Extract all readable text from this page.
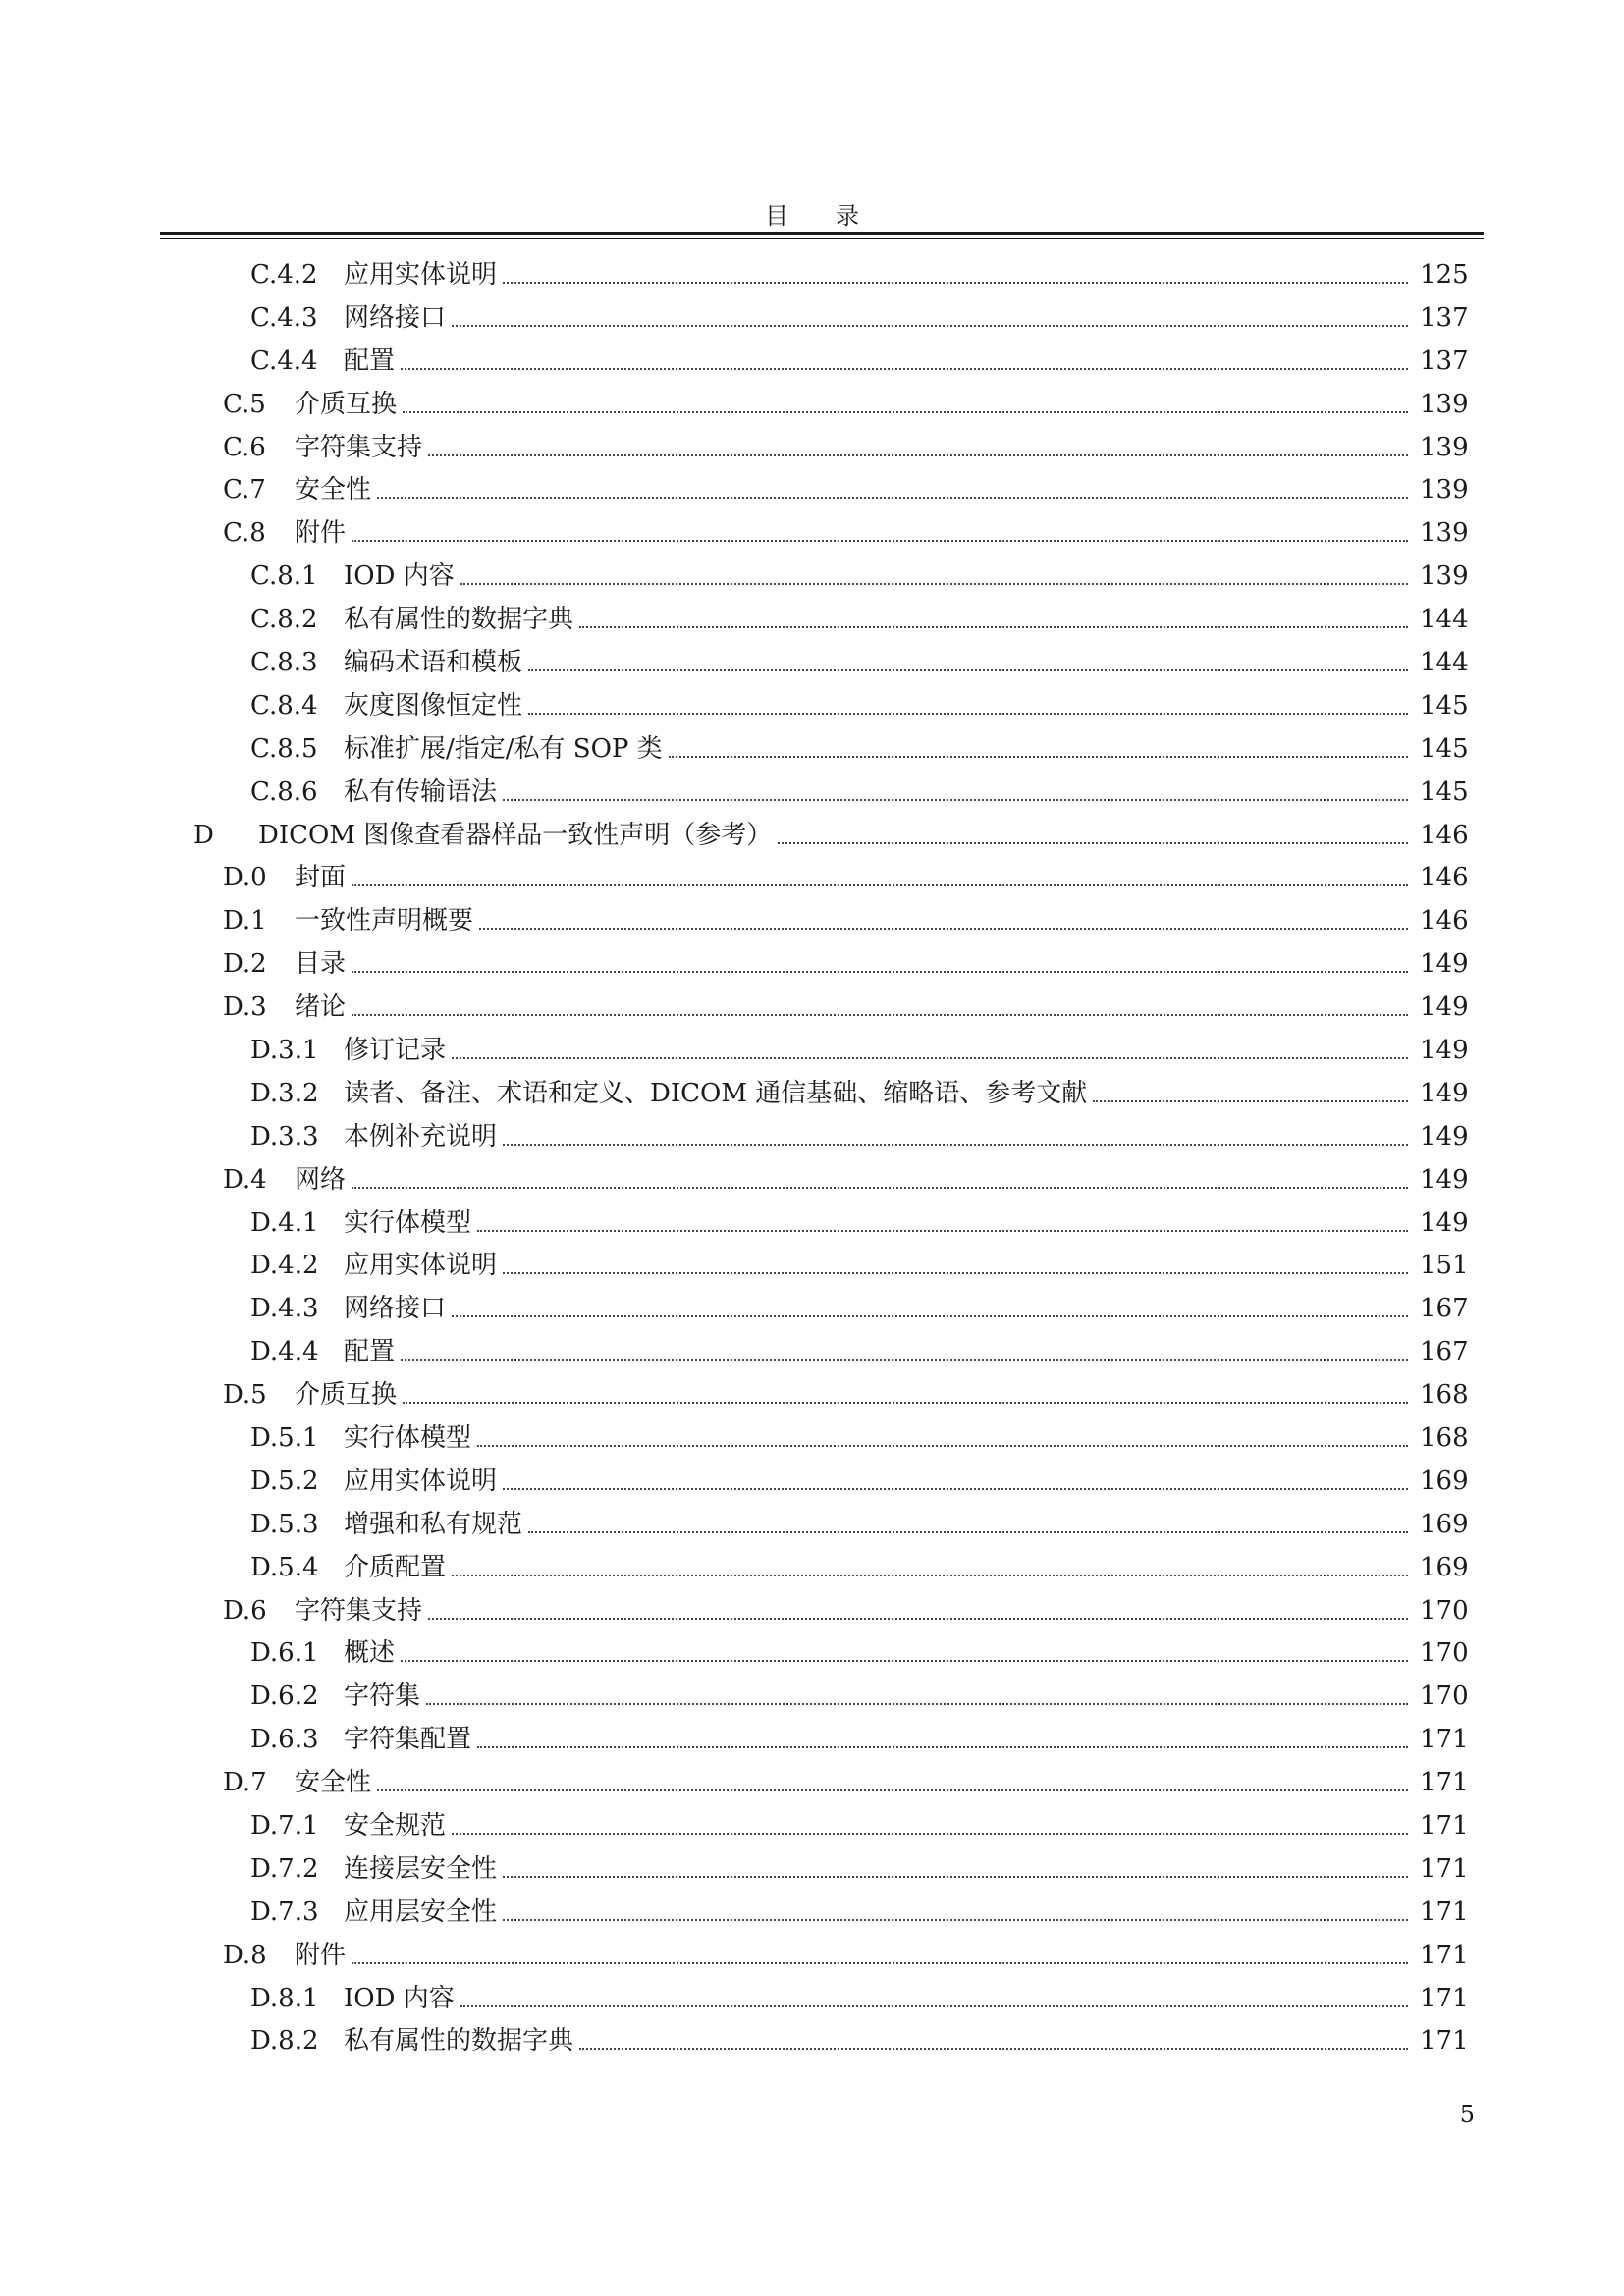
目 录
C.4.2	应用实体说明	125
C.4.3	网络接口	137
C.4.4	配置	137
C.5	介质互换	139
C.6	字符集支持	139
C.7	安全性	139
C.8	附件	139
C.8.1	IOD 内容	139
C.8.2	私有属性的数据字典	144
C.8.3	编码术语和模板	144
C.8.4	灰度图像恒定性	145
C.8.5	标准扩展/指定/私有 SOP 类	145
C.8.6	私有传输语法	145
D	DICOM 图像查看器样品一致性声明（参考）	146
D.0	封面	146
D.1	一致性声明概要	146
D.2	目录	149
D.3	绪论	149
D.3.1 修订记录	149
D.3.2 读者、备注、术语和定义、DICOM 通信基础、缩略语、参考文献	149
D.3.3 本例补充说明	149
D.4	网络	149
D.4.1 实行体模型	149
D.4.2 应用实体说明	151
D.4.3 网络接口	167
D.4.4 配置	167
D.5	介质互换	168
D.5.1 实行体模型	168
D.5.2 应用实体说明	169
D.5.3 增强和私有规范	169
D.5.4 介质配置	169
D.6	字符集支持	170
D.6.1 概述	170
D.6.2 字符集	170
D.6.3 字符集配置	171
D.7	安全性	171
D.7.1 安全规范	171
D.7.2 连接层安全性	171
D.7.3 应用层安全性	171
D.8	附件	171
D.8.1 IOD 内容	171
D.8.2 私有属性的数据字典	171
5
